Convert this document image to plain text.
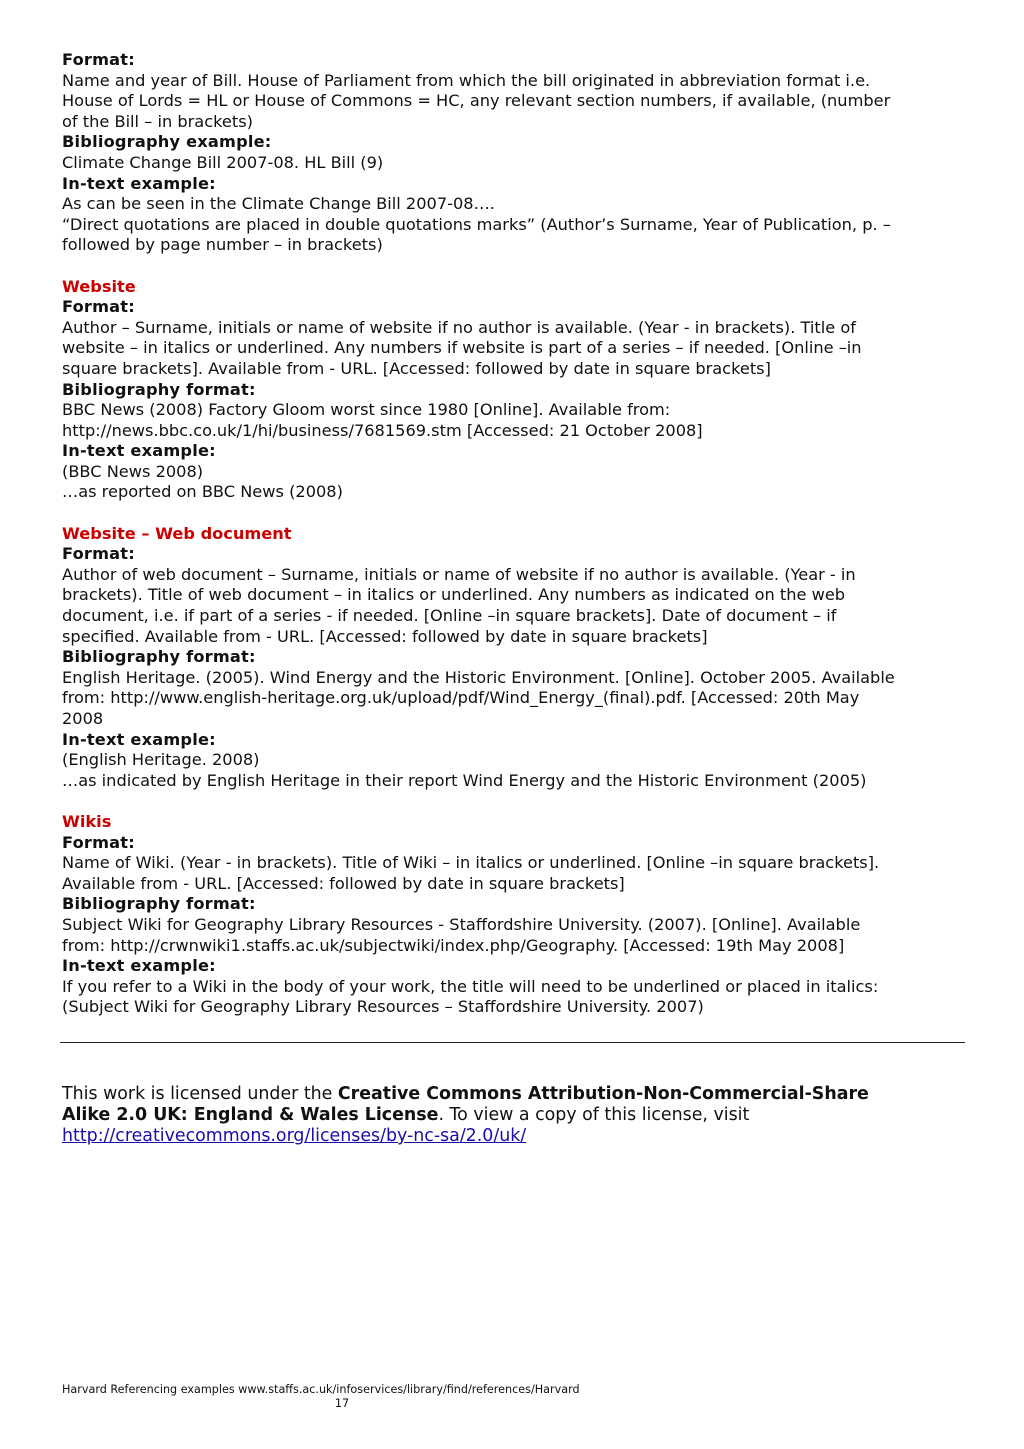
Format:

Name and year of Bill. House of Parliament from which the bill originated in abbreviation format i.e.

House of Lords = HL or House of Commons = HC, any relevant section numbers, if available, (number

of the Bill – in brackets)

Bibliography example:

Climate Change Bill 2007-08. HL Bill (9)

In-text example:

As can be seen in the Climate Change Bill 2007-08….

“Direct quotations are placed in double quotations marks” (Author’s Surname, Year of Publication, p. –

followed by page number – in brackets)

Website

Format:

Author – Surname, initials or name of website if no author is available. (Year - in brackets). Title of

website – in italics or underlined. Any numbers if website is part of a series – if needed. [Online –in

square brackets]. Available from - URL. [Accessed: followed by date in square brackets]

Bibliography format:

BBC News (2008) Factory Gloom worst since 1980 [Online]. Available from:

http://news.bbc.co.uk/1/hi/business/7681569.stm [Accessed: 21 October 2008]

In-text example:

(BBC News 2008)

…as reported on BBC News (2008)

Website – Web document

Format:

Author of web document – Surname, initials or name of website if no author is available. (Year - in

brackets). Title of web document – in italics or underlined. Any numbers as indicated on the web

document, i.e. if part of a series - if needed. [Online –in square brackets]. Date of document – if

specified. Available from - URL. [Accessed: followed by date in square brackets]

Bibliography format:

English Heritage. (2005). Wind Energy and the Historic Environment. [Online]. October 2005. Available

from: http://www.english-heritage.org.uk/upload/pdf/Wind_Energy_(final).pdf. [Accessed: 20th May

2008

In-text example:

(English Heritage. 2008)

…as indicated by English Heritage in their report Wind Energy and the Historic Environment (2005)

Wikis

Format:

Name of Wiki. (Year - in brackets). Title of Wiki – in italics or underlined. [Online –in square brackets].

Available from - URL. [Accessed: followed by date in square brackets]

Bibliography format:

Subject Wiki for Geography Library Resources - Staffordshire University. (2007). [Online]. Available

from: http://crwnwiki1.staffs.ac.uk/subjectwiki/index.php/Geography. [Accessed: 19th May 2008]

In-text example:

If you refer to a Wiki in the body of your work, the title will need to be underlined or placed in italics:

(Subject Wiki for Geography Library Resources – Staffordshire University. 2007)

This work is licensed under the Creative Commons Attribution-Non-Commercial-Share
Alike 2.0 UK: England & Wales License. To view a copy of this license, visit
http://creativecommons.org/licenses/by-nc-sa/2.0/uk/
Harvard Referencing examples www.staffs.ac.uk/infoservices/library/find/references/Harvard
17
